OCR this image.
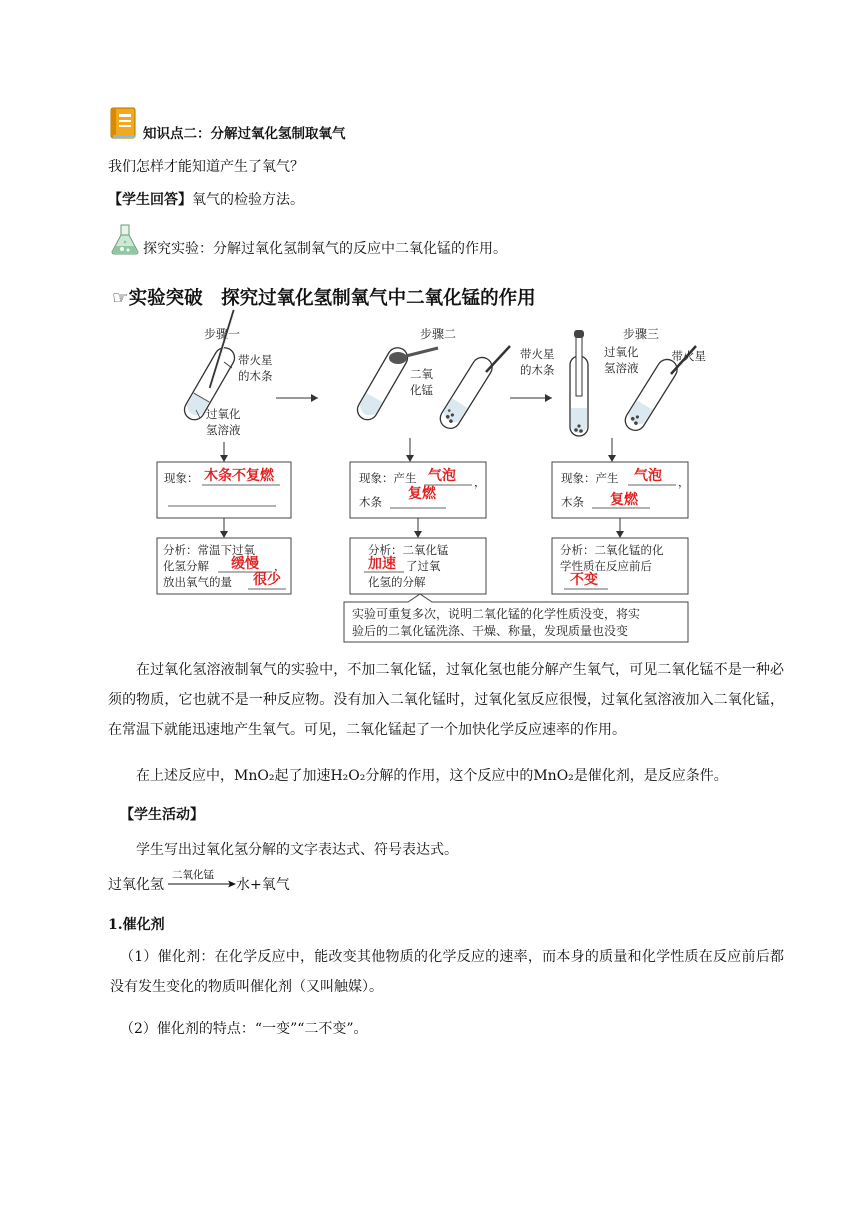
知识点二：分解过氧化氢制取氧气
我们怎样才能知道产生了氧气？
【学生回答】氧气的检验方法。
探究实验：分解过氧化氢制氧气的反应中二氧化锰的作用。
☞实验突破　探究过氧化氢制氧气中二氧化锰的作用
步骤一	步骤二	步骤三
带火星
的木条
过氧化
氢溶液
二氧
化锰
带火星
的木条
过氧化
氢溶液
带火星
现象： 木条不复燃	现象：产生 气泡 ，
木条 复燃
现象：产生 气泡 ，
木条 复燃
分析：常温下过氧
化氢分解 缓慢 ，
放出氧气的量 很少
分析：二氧化锰
加速 了过氧
化氢的分解
分析：二氧化锰的化
学性质在反应前后
不变
实验可重复多次，说明二氧化锰的化学性质没变，将实
验后的二氧化锰洗涤、干燥、称量，发现质量也没变
在过氧化氢溶液制氧气的实验中，不加二氧化锰，过氧化氢也能分解产生氧气，可见二氧化锰不是一种必须的物质，它也就不是一种反应物。没有加入二氧化锰时，过氧化氢反应很慢，过氧化氢溶液加入二氧化锰，在常温下就能迅速地产生氧气。可见，二氧化锰起了一个加快化学反应速率的作用。
在上述反应中，MnO₂起了加速H₂O₂分解的作用，这个反应中的MnO₂是催化剂，是反应条件。
【学生活动】
学生写出过氧化氢分解的文字表达式、符号表达式。
过氧化氢
二氧化锰
水+氧气
1.催化剂
（1）催化剂：在化学反应中，能改变其他物质的化学反应的速率，而本身的质量和化学性质在反应前后都没有发生变化的物质叫催化剂（又叫触媒）。
（2）催化剂的特点：“一变”“二不变”。
